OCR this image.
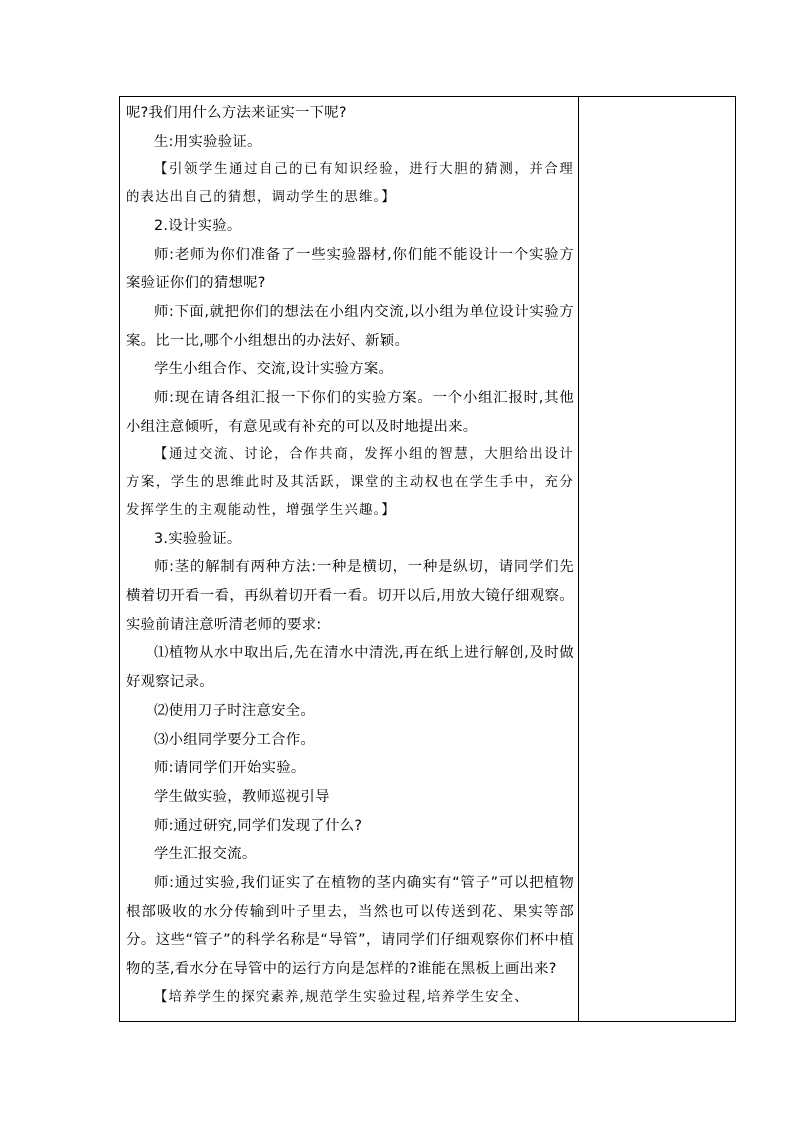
呢?我们用什么方法来证实一下呢?

生:用实验验证。

【引领学生通过自己的已有知识经验，进行大胆的猜测，并合理的表达出自己的猜想，调动学生的思维。】

2.设计实验。

师:老师为你们准备了一些实验器材,你们能不能设计一个实验方案验证你们的猜想呢?

师:下面,就把你们的想法在小组内交流,以小组为单位设计实验方案。比一比,哪个小组想出的办法好、新颖。

学生小组合作、交流,设计实验方案。

师:现在请各组汇报一下你们的实验方案。一个小组汇报时,其他小组注意倾听，有意见或有补充的可以及时地提出来。

【通过交流、讨论，合作共商，发挥小组的智慧，大胆给出设计方案，学生的思维此时及其活跃，课堂的主动权也在学生手中，充分发挥学生的主观能动性，增强学生兴趣。】

3.实验验证。

师:茎的解制有两种方法:一种是横切，一种是纵切，请同学们先横着切开看一看，再纵着切开看一看。切开以后,用放大镜仔细观察。实验前请注意听清老师的要求:

⑴植物从水中取出后,先在清水中清洗,再在纸上进行解创,及时做好观察记录。

⑵使用刀子时注意安全。

⑶小组同学要分工合作。

师:请同学们开始实验。

学生做实验，教师巡视引导

师:通过研究,同学们发现了什么?

学生汇报交流。

师:通过实验,我们证实了在植物的茎内确实有“管子”可以把植物根部吸收的水分传输到叶子里去，当然也可以传送到花、果实等部分。这些“管子”的科学名称是“导管”，请同学们仔细观察你们杯中植物的茎,看水分在导管中的运行方向是怎样的?谁能在黑板上画出来?

【培养学生的探究素养,规范学生实验过程,培养学生安全、
